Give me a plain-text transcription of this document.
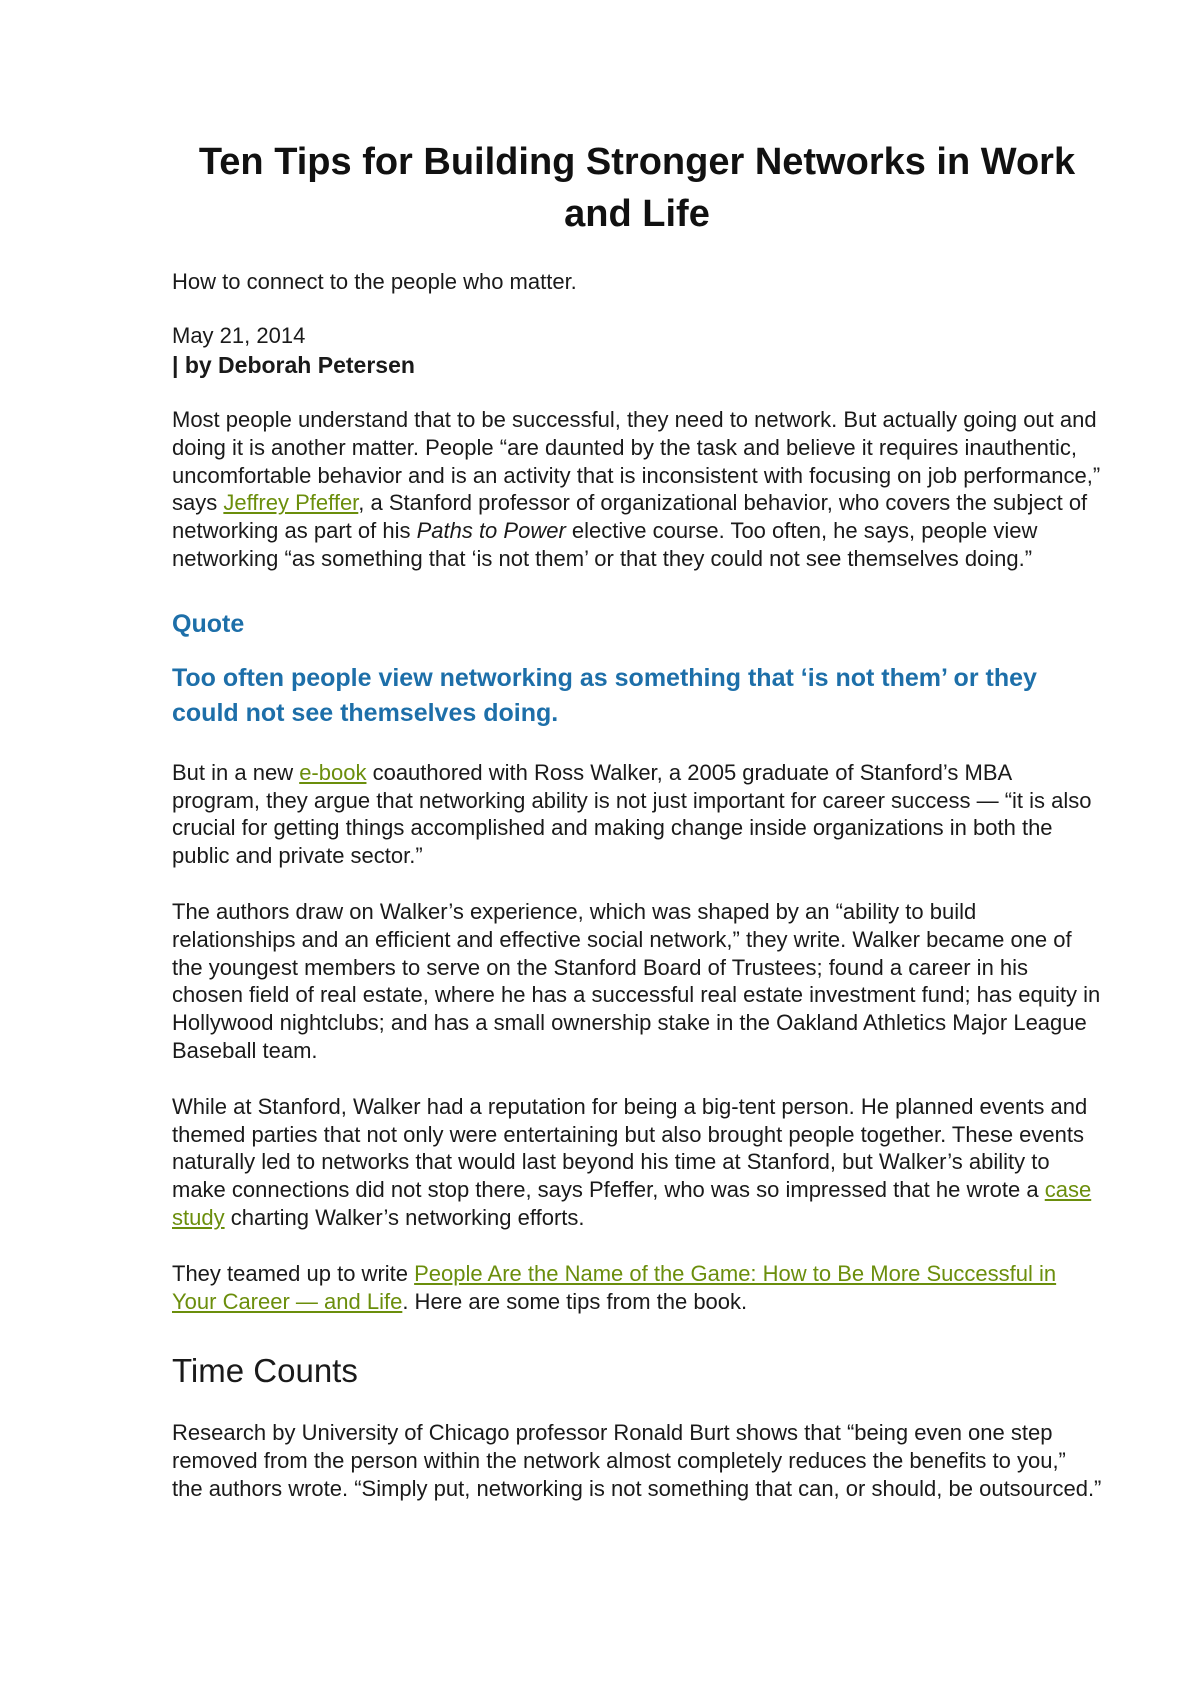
Ten Tips for Building Stronger Networks in Work and Life

How to connect to the people who matter.

May 21, 2014

| by Deborah Petersen

Most people understand that to be successful, they need to network. But actually going out and doing it is another matter. People “are daunted by the task and believe it requires inauthentic, uncomfortable behavior and is an activity that is inconsistent with focusing on job performance,” says Jeffrey Pfeffer, a Stanford professor of organizational behavior, who covers the subject of networking as part of his Paths to Power elective course. Too often, he says, people view networking “as something that ‘is not them’ or that they could not see themselves doing.”

Quote

Too often people view networking as something that ‘is not them’ or they could not see themselves doing.

But in a new e-book coauthored with Ross Walker, a 2005 graduate of Stanford’s MBA program, they argue that networking ability is not just important for career success — “it is also crucial for getting things accomplished and making change inside organizations in both the public and private sector.”

The authors draw on Walker’s experience, which was shaped by an “ability to build relationships and an efficient and effective social network,” they write. Walker became one of the youngest members to serve on the Stanford Board of Trustees; found a career in his chosen field of real estate, where he has a successful real estate investment fund; has equity in Hollywood nightclubs; and has a small ownership stake in the Oakland Athletics Major League Baseball team.

While at Stanford, Walker had a reputation for being a big-tent person. He planned events and themed parties that not only were entertaining but also brought people together. These events naturally led to networks that would last beyond his time at Stanford, but Walker’s ability to make connections did not stop there, says Pfeffer, who was so impressed that he wrote a case study charting Walker’s networking efforts.

They teamed up to write People Are the Name of the Game: How to Be More Successful in Your Career — and Life. Here are some tips from the book.

Time Counts

Research by University of Chicago professor Ronald Burt shows that “being even one step removed from the person within the network almost completely reduces the benefits to you,” the authors wrote. “Simply put, networking is not something that can, or should, be outsourced.”
